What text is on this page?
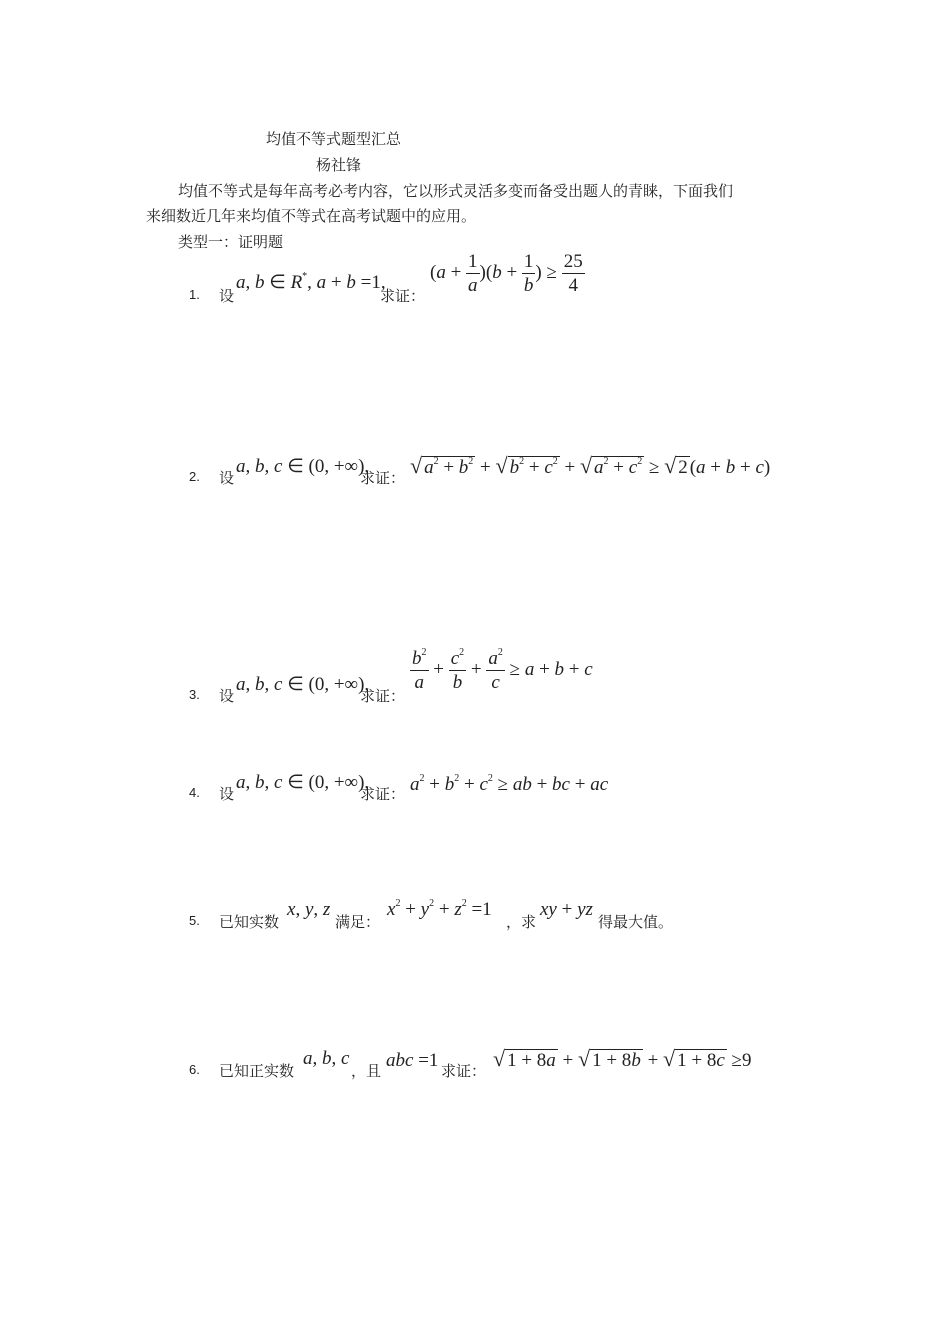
均值不等式题型汇总
杨社锋
均值不等式是每年高考必考内容，它以形式灵活多变而备受出题人的青睐，下面我们
来细数近几年来均值不等式在高考试题中的应用。
类型一：证明题
1. 设
a, b ∈ R*, a + b =1,
求证：
$(a + \frac{1}{a} )(b + \frac{1}{b}$ ) ≥ $\frac{25}{4}$
2. 设
a, b, c ∈ (0, +∞),
求证： √ $a^2 + b^2$ + √ $b^2 + c^2$ + √ $a^2 + c^2$ ≥ √ 2 (a + b + c)
3. 设
a, b, c ∈ (0, +∞),
求证：
$\frac{b^2}{a} + \frac{c^2}{b} + \frac{a^2}{c} \ge a + b + c$
4. 设
a, b, c ∈ (0, +∞),
求证： $a^2 + b^2 + c^2$ ≥ ab + bc + ac
5. 已知实数
x, y, z
满足：
$x^2 + y^2 + z^2 =1$
，求
xy + yz
得最大值。
6. 已知正实数
a, b, c
，且 abc =1 求证： √ 1 + 8a + √ 1 + 8b + √ 1 + 8c ≥9
